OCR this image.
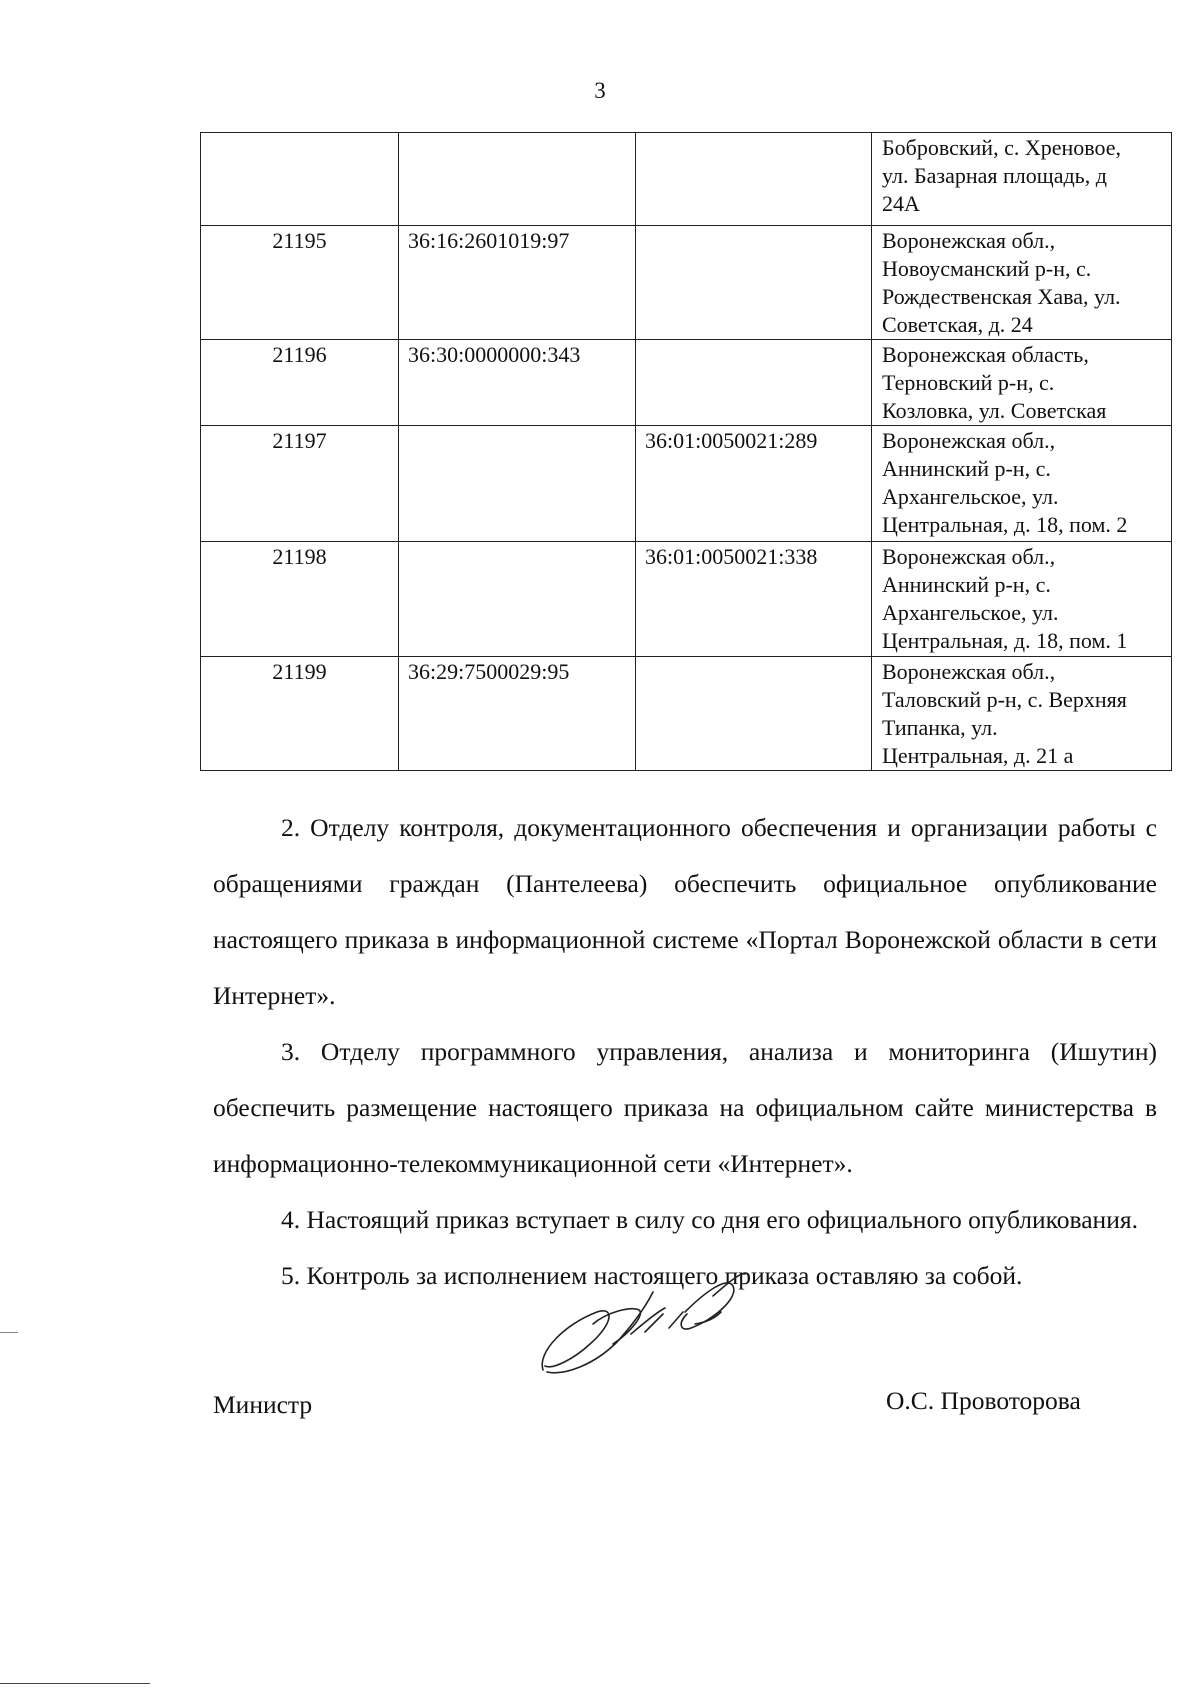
3
			Бобровский, с. Хреновое,
ул. Базарная площадь, д
24А
21195	36:16:2601019:97		Воронежская обл.,
Новоусманский р-н, с.
Рождественская Хава, ул.
Советская, д. 24
21196	36:30:0000000:343		Воронежская область,
Терновский р-н, с.
Козловка, ул. Советская
21197		36:01:0050021:289	Воронежская обл.,
Аннинский р-н, с.
Архангельское, ул.
Центральная, д. 18, пом. 2
21198		36:01:0050021:338	Воронежская обл.,
Аннинский р-н, с.
Архангельское, ул.
Центральная, д. 18, пом. 1
21199	36:29:7500029:95		Воронежская обл.,
Таловский р-н, с. Верхняя
Типанка, ул.
Центральная, д. 21 а

2. Отделу контроля, документационного обеспечения и организации работы с обращениями граждан (Пантелеева) обеспечить официальное опубликование настоящего приказа в информационной системе «Портал Воронежской области в сети Интернет».

3. Отделу программного управления, анализа и мониторинга (Ишутин) обеспечить размещение настоящего приказа на официальном сайте министерства в информационно-телекоммуникационной сети «Интернет».

4. Настоящий приказ вступает в силу со дня его официального опубликования.

5. Контроль за исполнением настоящего приказа оставляю за собой.

Министр	О.С. Провоторова
